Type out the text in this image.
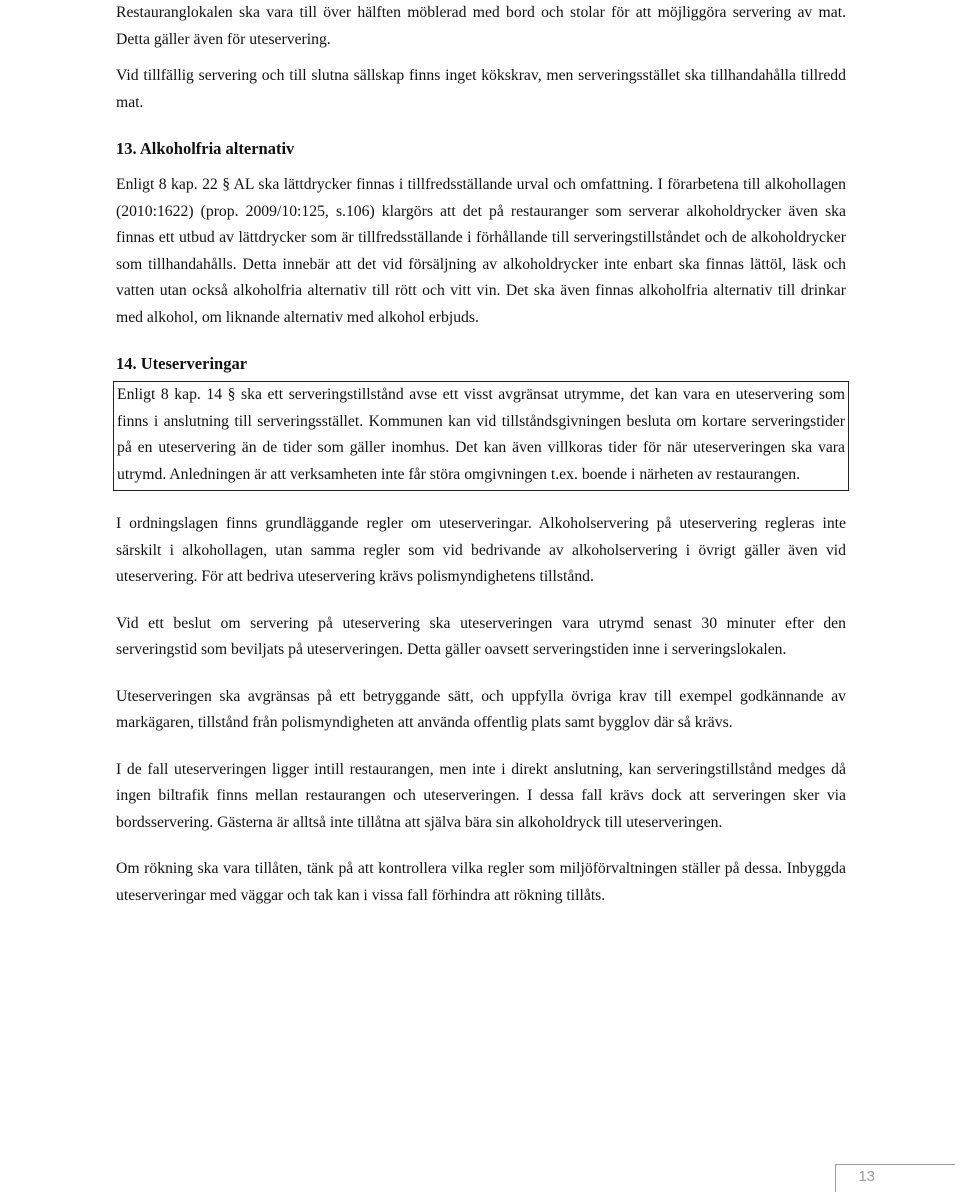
Restauranglokalen ska vara till över hälften möblerad med bord och stolar för att möjliggöra servering av mat. Detta gäller även för uteservering.

Vid tillfällig servering och till slutna sällskap finns inget kökskrav, men serveringsstället ska tillhandahålla tillredd mat.

13. Alkoholfria alternativ

Enligt 8 kap. 22 § AL ska lättdrycker finnas i tillfredsställande urval och omfattning. I förarbetena till alkohollagen (2010:1622) (prop. 2009/10:125, s.106) klargörs att det på restauranger som serverar alkoholdrycker även ska finnas ett utbud av lättdrycker som är tillfredsställande i förhållande till serveringstillståndet och de alkoholdrycker som tillhandahålls. Detta innebär att det vid försäljning av alkoholdrycker inte enbart ska finnas lättöl, läsk och vatten utan också alkoholfria alternativ till rött och vitt vin. Det ska även finnas alkoholfria alternativ till drinkar med alkohol, om liknande alternativ med alkohol erbjuds.

14. Uteserveringar

Enligt 8 kap. 14 § ska ett serveringstillstånd avse ett visst avgränsat utrymme, det kan vara en uteservering som finns i anslutning till serveringsstället. Kommunen kan vid tillståndsgivningen besluta om kortare serveringstider på en uteservering än de tider som gäller inomhus. Det kan även villkoras tider för när uteserveringen ska vara utrymd. Anledningen är att verksamheten inte får störa omgivningen t.ex. boende i närheten av restaurangen.

I ordningslagen finns grundläggande regler om uteserveringar. Alkoholservering på uteservering regleras inte särskilt i alkohollagen, utan samma regler som vid bedrivande av alkoholservering i övrigt gäller även vid uteservering. För att bedriva uteservering krävs polismyndighetens tillstånd.

Vid ett beslut om servering på uteservering ska uteserveringen vara utrymd senast 30 minuter efter den serveringstid som beviljats på uteserveringen. Detta gäller oavsett serveringstiden inne i serveringslokalen.

Uteserveringen ska avgränsas på ett betryggande sätt, och uppfylla övriga krav till exempel godkännande av markägaren, tillstånd från polismyndigheten att använda offentlig plats samt bygglov där så krävs.

I de fall uteserveringen ligger intill restaurangen, men inte i direkt anslutning, kan serveringstillstånd medges då ingen biltrafik finns mellan restaurangen och uteserveringen. I dessa fall krävs dock att serveringen sker via bordsservering. Gästerna är alltså inte tillåtna att själva bära sin alkoholdryck till uteserveringen.

Om rökning ska vara tillåten, tänk på att kontrollera vilka regler som miljöförvaltningen ställer på dessa. Inbyggda uteserveringar med väggar och tak kan i vissa fall förhindra att rökning tillåts.

13
